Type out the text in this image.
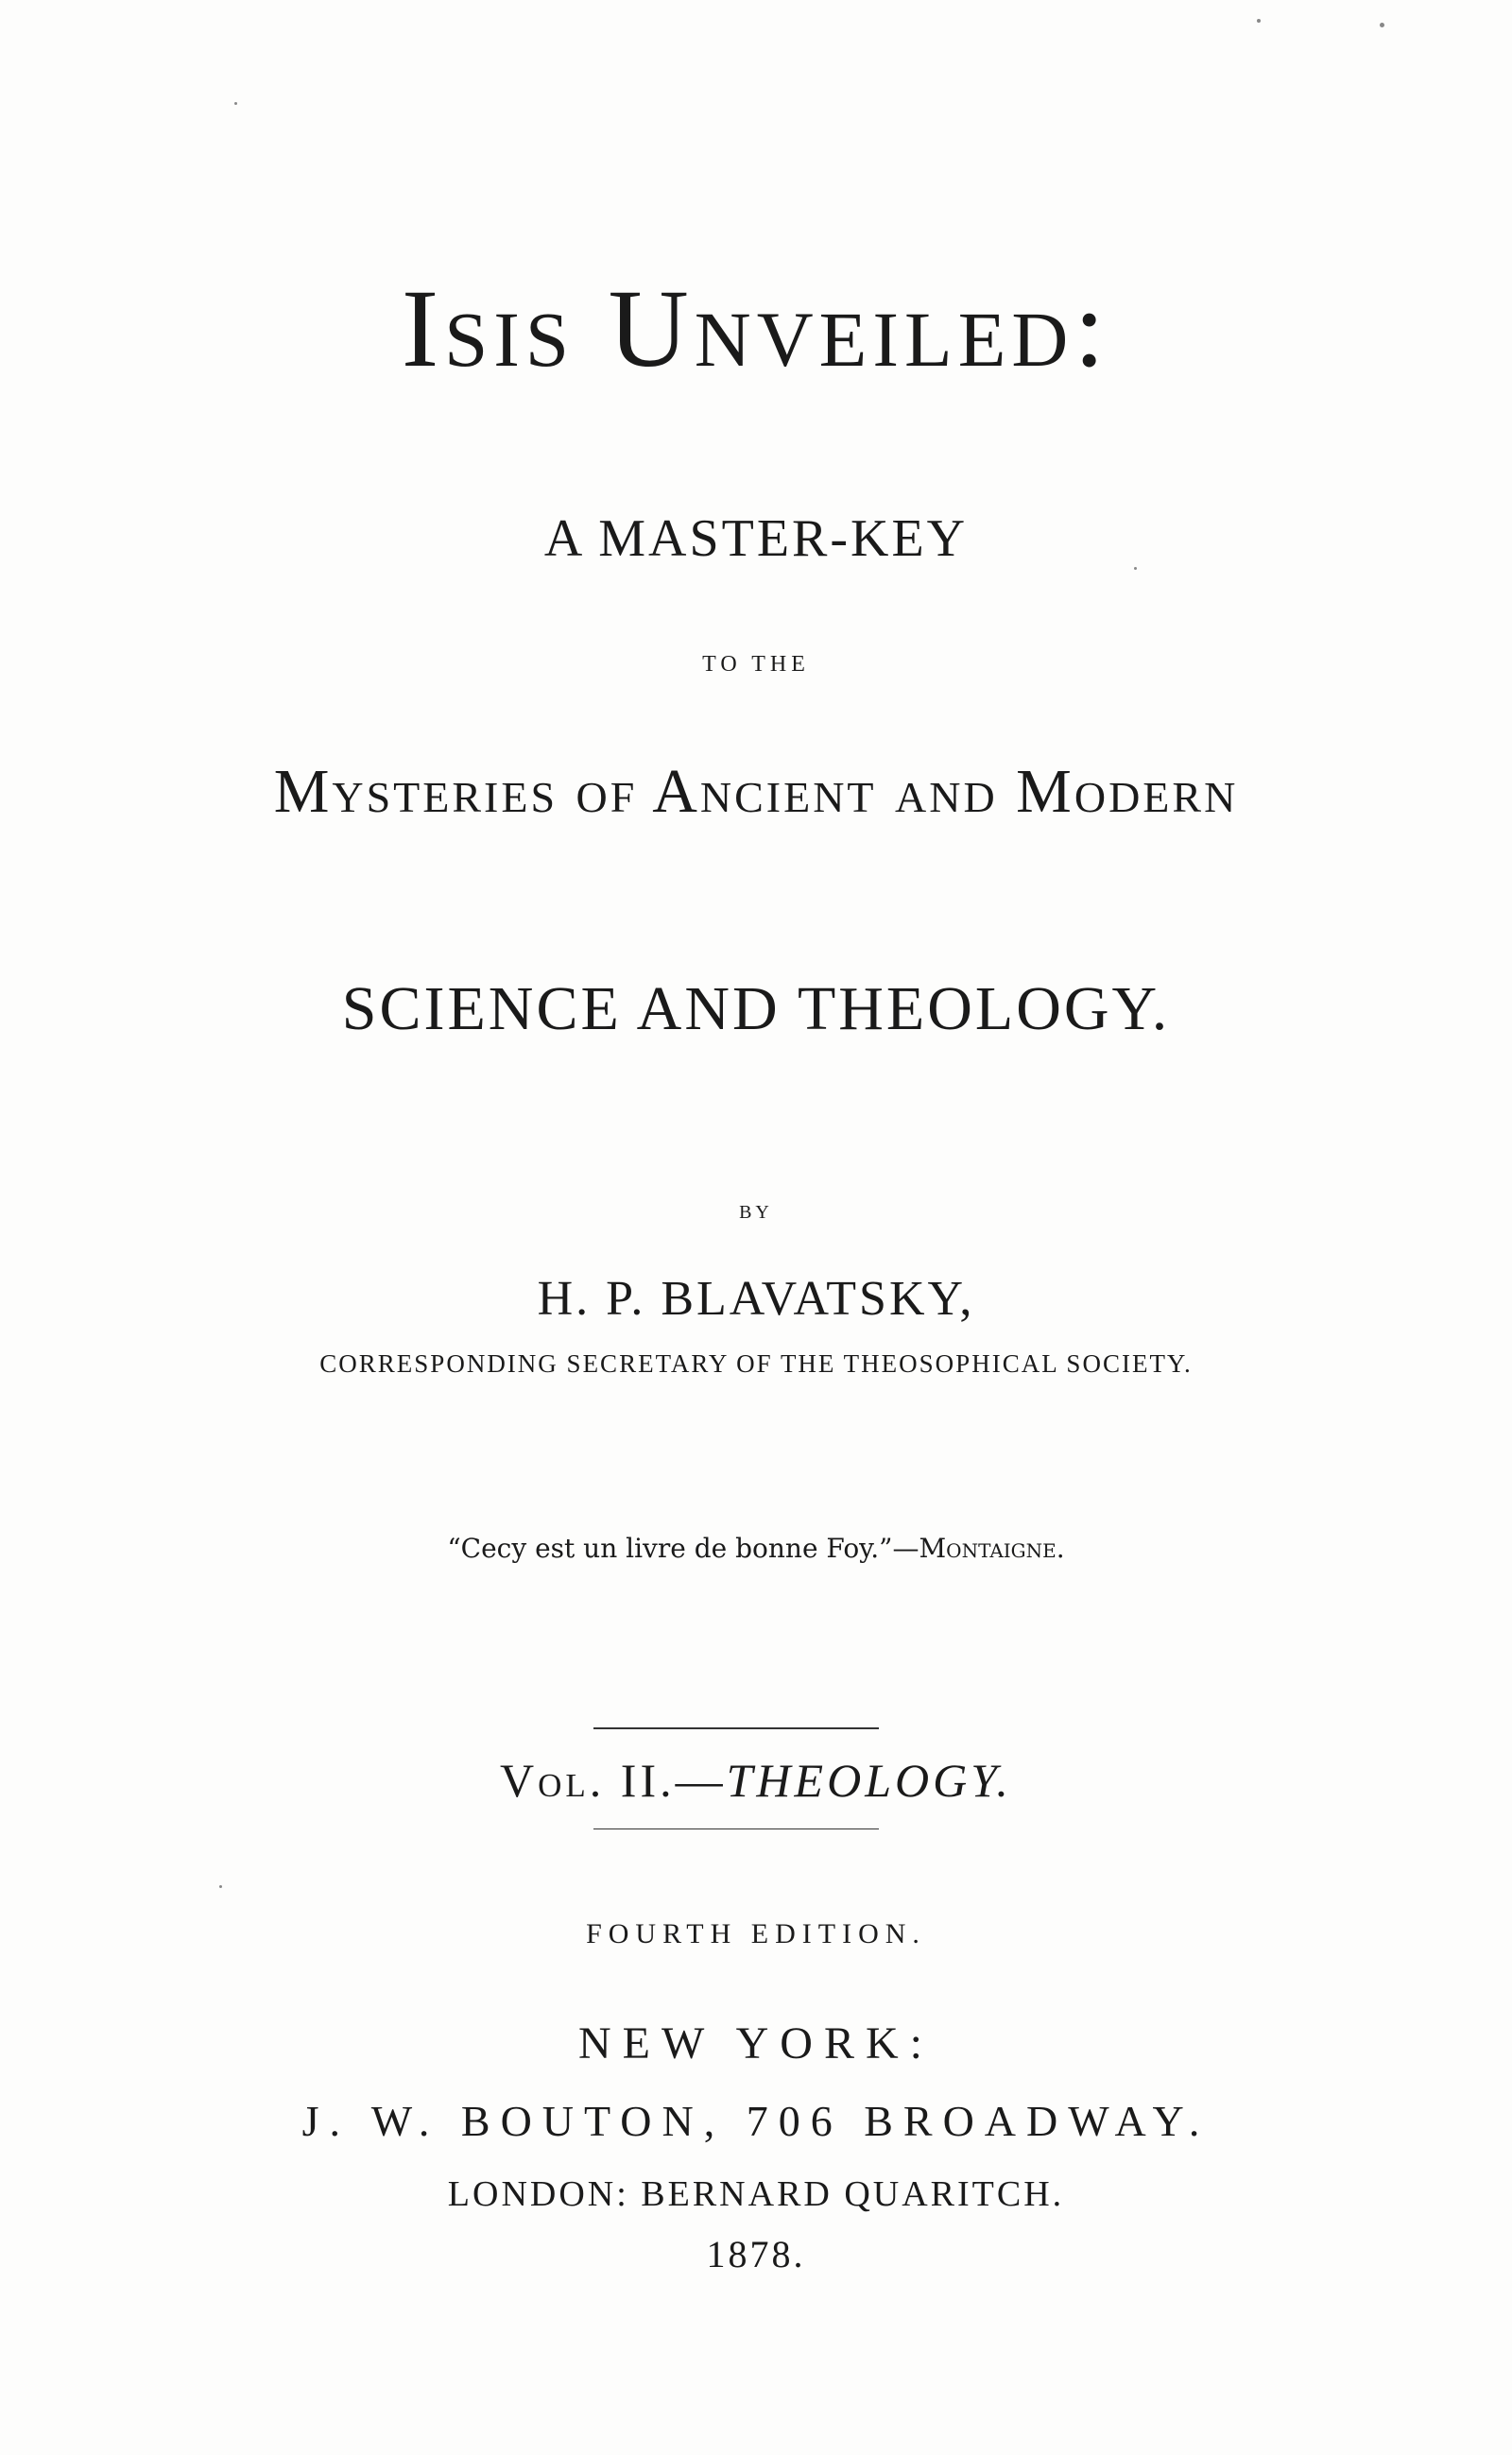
Isis Unveiled:
A MASTER-KEY
TO THE
Mysteries of Ancient and Modern
SCIENCE AND THEOLOGY.
BY
H. P. BLAVATSKY,
CORRESPONDING SECRETARY OF THE THEOSOPHICAL SOCIETY.
“Cecy est un livre de bonne Foy.”—Montaigne.
Vol. II.—THEOLOGY.
FOURTH EDITION.
NEW YORK:
J. W. BOUTON, 706 BROADWAY.
LONDON: BERNARD QUARITCH.
1878.
